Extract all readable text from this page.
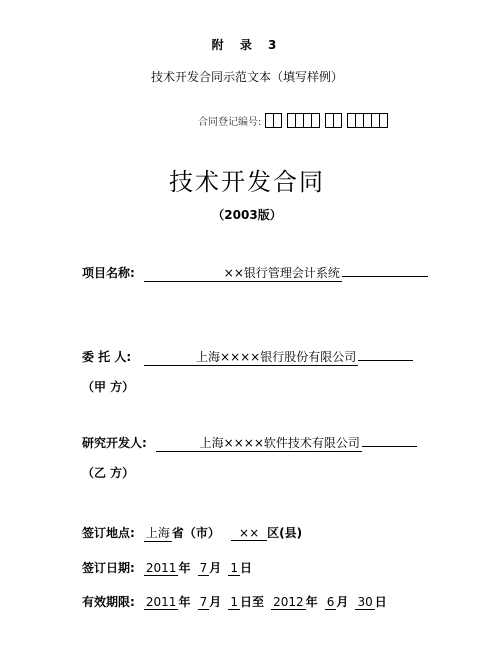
附 录 3
技术开发合同示范文本（填写样例）
合同登记编号:
技术开发合同
（2003版）
项目名称:	××银行管理会计系统
委 托 人:	上海××××银行股份有限公司
（甲 方）
研究开发人:	上海××××软件技术有限公司
（乙 方）
签订地点: 上海 省（市） ×× 区(县)
签订日期: 2011 年 7 月 1 日
有效期限: 2011 年 7 月 1 日至 2012 年 6 月 30 日
